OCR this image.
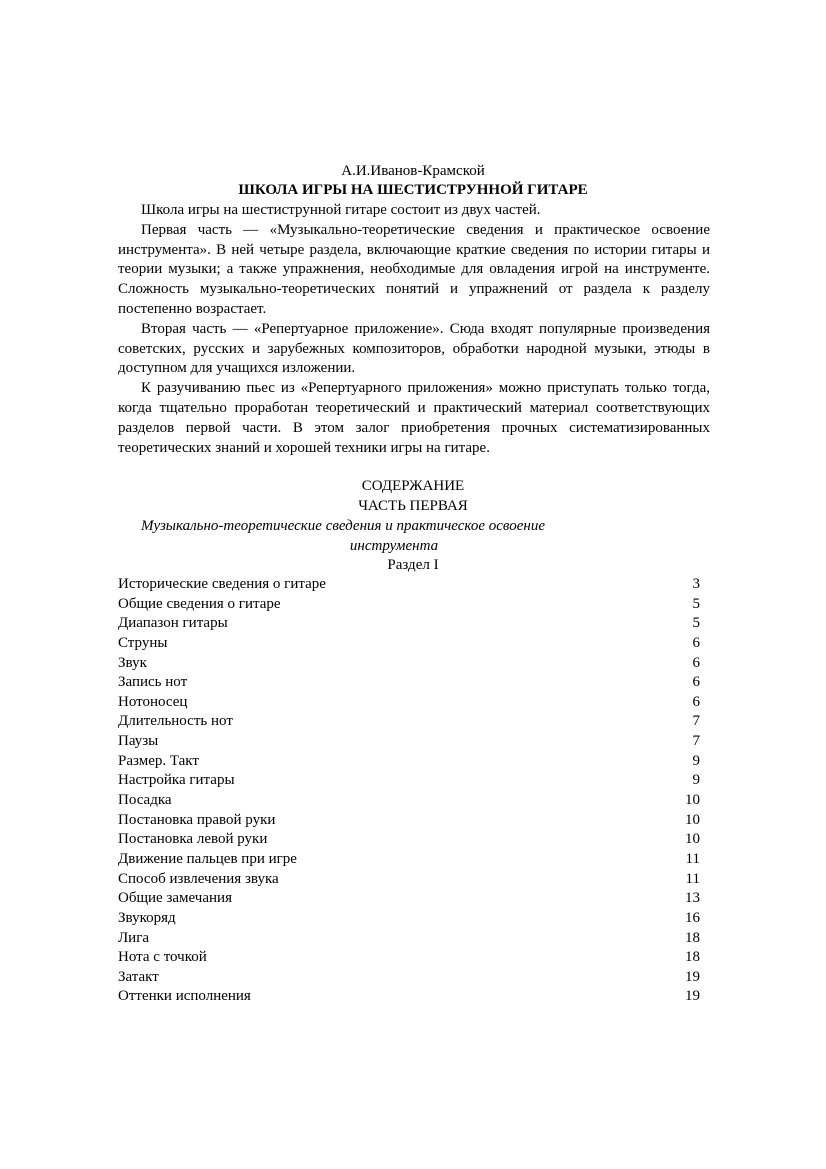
А.И.Иванов-Крамской
ШКОЛА ИГРЫ НА ШЕСТИСТРУННОЙ ГИТАРЕ

Школа игры на шестиструнной гитаре состоит из двух частей.

Первая часть — «Музыкально-теоретические сведения и практическое освоение инструмента». В ней четыре раздела, включающие краткие сведения по истории гитары и теории музыки; а также упражнения, необходимые для овладения игрой на инструменте. Сложность музыкально-теоретических понятий и упражнений от раздела к разделу постепенно возрастает.

Вторая часть — «Репертуарное приложение». Сюда входят популярные произведения советских, русских и зарубежных композиторов, обработки народной музыки, этюды в доступном для учащихся изложении.

К разучиванию пьес из «Репертуарного приложения» можно приступать только тогда, когда тщательно проработан теоретический и практический материал соответствующих разделов первой части. В этом залог приобретения прочных систематизированных теоретических знаний и хорошей техники игры на гитаре.

СОДЕРЖАНИЕ
ЧАСТЬ ПЕРВАЯ
Музыкально-теоретические сведения и практическое освоение
инструмента
Раздел I
Исторические сведения о гитаре	3
Общие сведения о гитаре	5
Диапазон гитары	5
Струны	6
Звук	6
Запись нот	6
Нотоносец	6
Длительность нот	7
Паузы	7
Размер. Такт	9
Настройка гитары	9
Посадка	10
Постановка правой руки	10
Постановка левой руки	10
Движение пальцев при игре	11
Способ извлечения звука	11
Общие замечания	13
Звукоряд	16
Лига	18
Нота с точкой	18
Затакт	19
Оттенки исполнения	19
